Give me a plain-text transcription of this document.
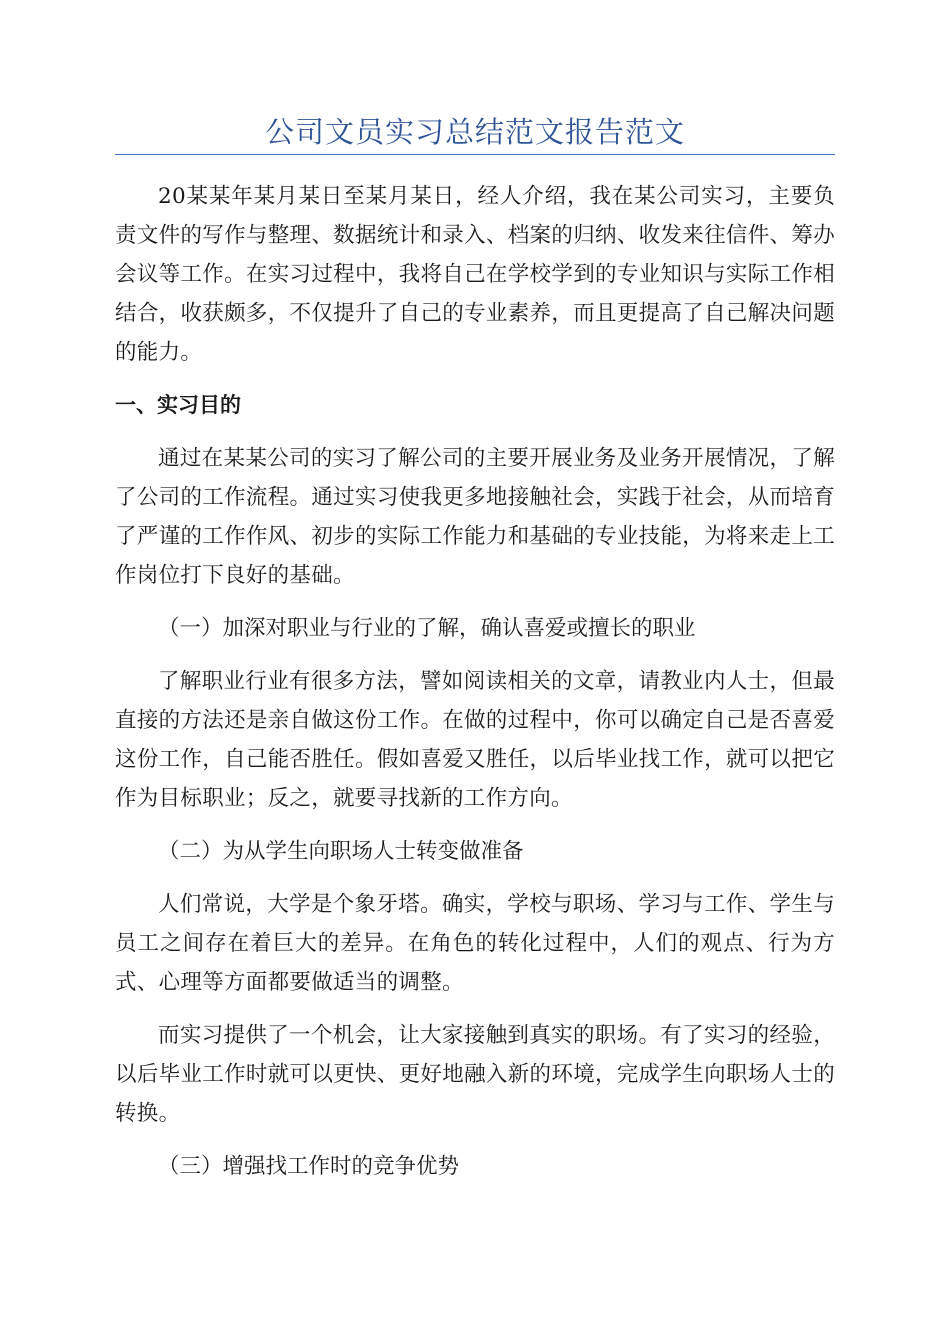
公司文员实习总结范文报告范文

20某某年某月某日至某月某日，经人介绍，我在某公司实习，主要负责文件的写作与整理、数据统计和录入、档案的归纳、收发来往信件、筹办会议等工作。在实习过程中，我将自己在学校学到的专业知识与实际工作相结合，收获颇多，不仅提升了自己的专业素养，而且更提高了自己解决问题的能力。

一、实习目的

通过在某某公司的实习了解公司的主要开展业务及业务开展情况，了解了公司的工作流程。通过实习使我更多地接触社会，实践于社会，从而培育了严谨的工作作风、初步的实际工作能力和基础的专业技能，为将来走上工作岗位打下良好的基础。

（一）加深对职业与行业的了解，确认喜爱或擅长的职业

了解职业行业有很多方法，譬如阅读相关的文章，请教业内人士，但最直接的方法还是亲自做这份工作。在做的过程中，你可以确定自己是否喜爱这份工作，自己能否胜任。假如喜爱又胜任，以后毕业找工作，就可以把它作为目标职业；反之，就要寻找新的工作方向。

（二）为从学生向职场人士转变做准备

人们常说，大学是个象牙塔。确实，学校与职场、学习与工作、学生与员工之间存在着巨大的差异。在角色的转化过程中，人们的观点、行为方式、心理等方面都要做适当的调整。

而实习提供了一个机会，让大家接触到真实的职场。有了实习的经验，以后毕业工作时就可以更快、更好地融入新的环境，完成学生向职场人士的转换。

（三）增强找工作时的竞争优势
